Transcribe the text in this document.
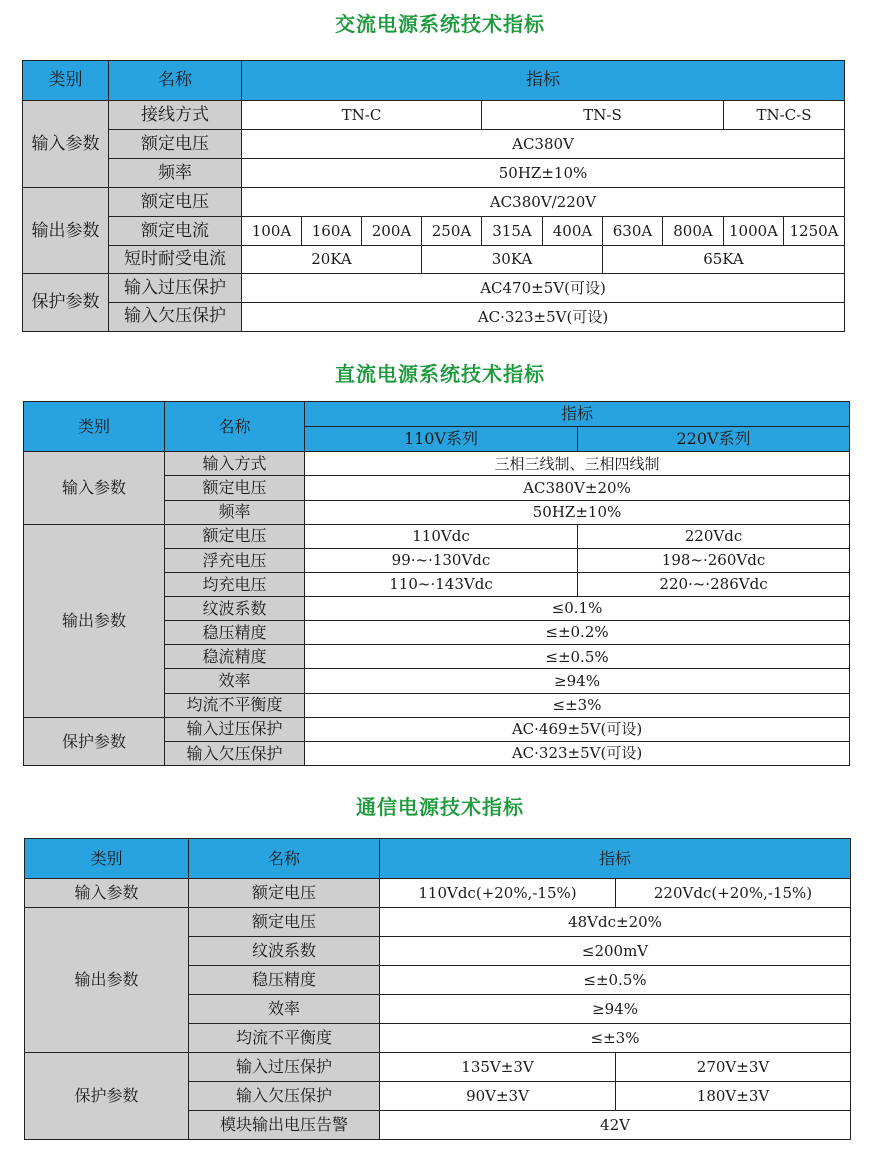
交流电源系统技术指标
类别	名称	指标									
输入参数	接线方式	TN-C				TN-S				TN-C-S	
	额定电压	AC380V									
	频率	50HZ±10%									
输出参数	额定电压	AC380V/220V									
	额定电流	100A	160A	200A	250A	315A	400A	630A	800A	1000A	1250A
	短时耐受电流	20KA			30KA			65KA			
保护参数	输入过压保护	AC470±5V(可设)									
	输入欠压保护	AC·323±5V(可设)									
直流电源系统技术指标
类别	名称	指标	
		110V系列	220V系列
输入参数	输入方式	三相三线制、三相四线制	
	额定电压	AC380V±20%	
	频率	50HZ±10%	
输出参数	额定电压	110Vdc	220Vdc
	浮充电压	99·~·130Vdc	198~·260Vdc
	均充电压	110~·143Vdc	220·~·286Vdc
	纹波系数	≤0.1%	
	稳压精度	≤±0.2%	
	稳流精度	≤±0.5%	
	效率	≥94%	
	均流不平衡度	≤±3%	
保护参数	输入过压保护	AC·469±5V(可设)	
	输入欠压保护	AC·323±5V(可设)	
通信电源技术指标
类别	名称	指标	
输入参数	额定电压	110Vdc(+20%,-15%)	220Vdc(+20%,-15%)
输出参数	额定电压	48Vdc±20%	
	纹波系数	≤200mV	
	稳压精度	≤±0.5%	
	效率	≥94%	
	均流不平衡度	≤±3%	
保护参数	输入过压保护	135V±3V	270V±3V
	输入欠压保护	90V±3V	180V±3V
	模块输出电压告警	42V	
